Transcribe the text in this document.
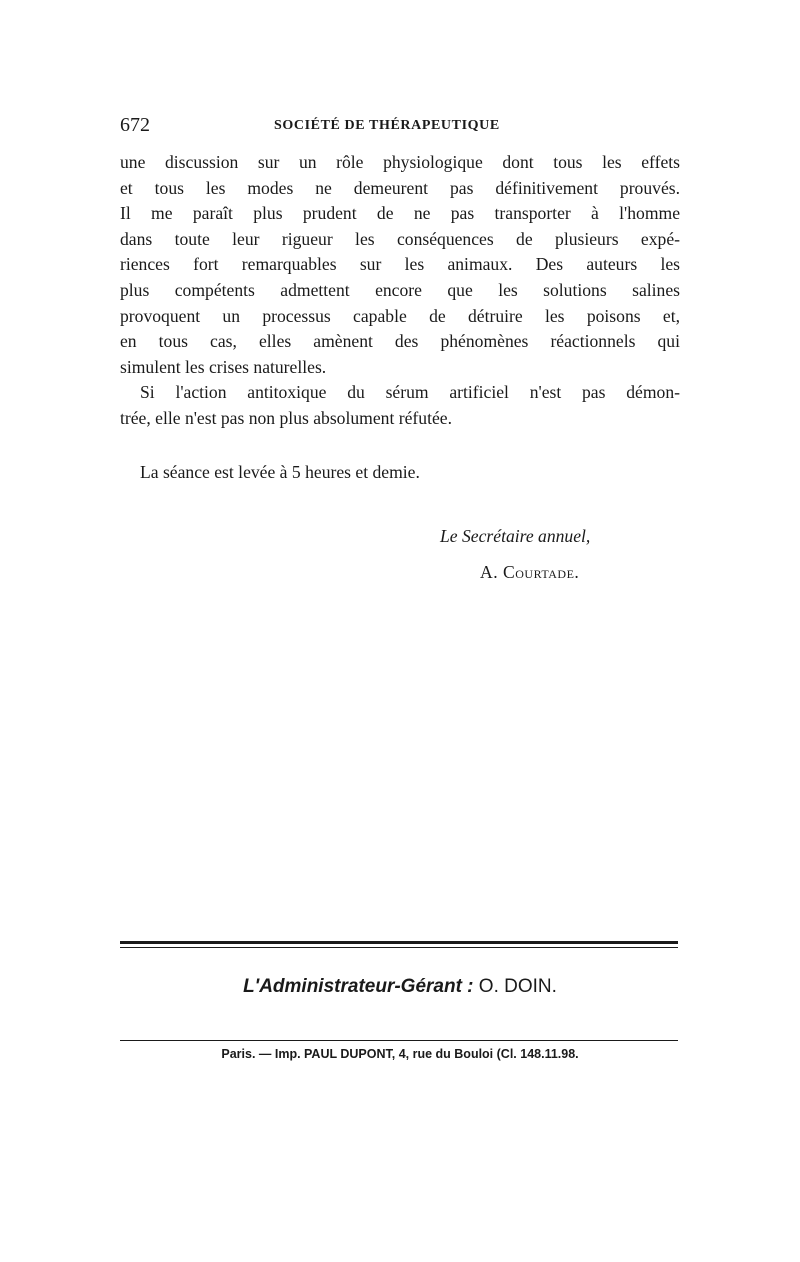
672	SOCIÉTÉ DE THÉRAPEUTIQUE
une discussion sur un rôle physiologique dont tous les effets
et tous les modes ne demeurent pas définitivement prouvés.
Il me paraît plus prudent de ne pas transporter à l'homme
dans toute leur rigueur les conséquences de plusieurs expé-
riences fort remarquables sur les animaux. Des auteurs les
plus compétents admettent encore que les solutions salines
provoquent un processus capable de détruire les poisons et,
en tous cas, elles amènent des phénomènes réactionnels qui
simulent les crises naturelles.
Si l'action antitoxique du sérum artificiel n'est pas démon-
trée, elle n'est pas non plus absolument réfutée.
La séance est levée à 5 heures et demie.
Le Secrétaire annuel,
A. Courtade.
L'Administrateur-Gérant : O. DOIN.
Paris. — Imp. PAUL DUPONT, 4, rue du Bouloi (Cl. 148.11.98.
